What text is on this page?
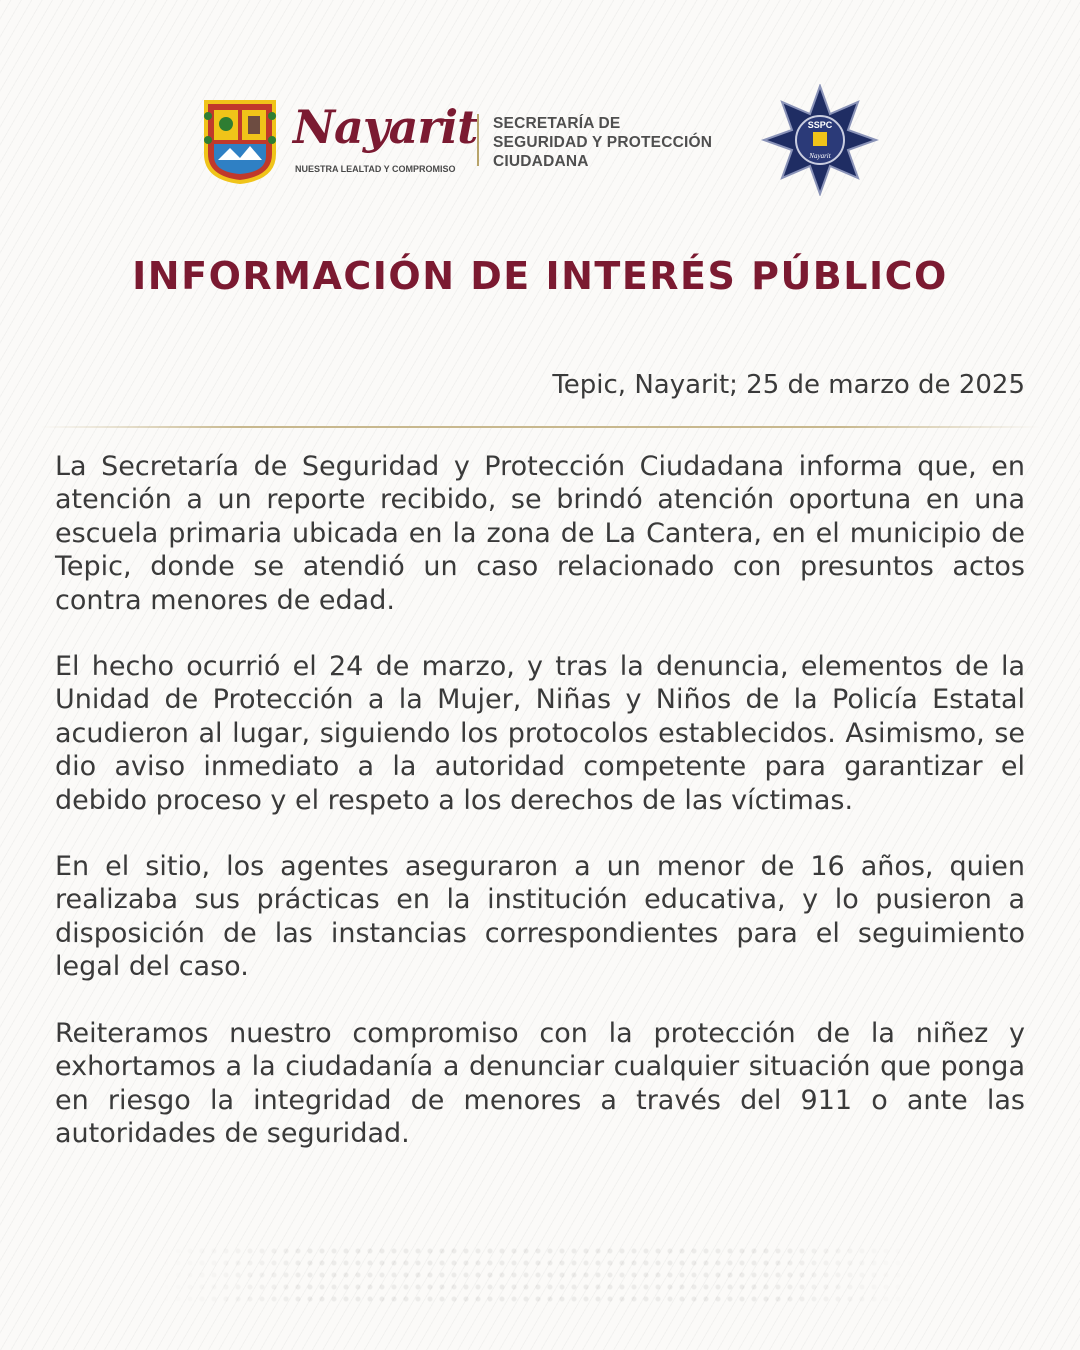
Nayarit
NUESTRA LEALTAD Y COMPROMISO
SECRETARÍA DE
SEGURIDAD Y PROTECCIÓN
CIUDADANA
SSPC
Nayarit
INFORMACIÓN DE INTERÉS PÚBLICO
Tepic, Nayarit; 25 de marzo de 2025

La Secretaría de Seguridad y Protección Ciudadana informa que, en atención a un reporte recibido, se brindó atención oportuna en una escuela primaria ubicada en la zona de La Cantera, en el municipio de Tepic, donde se atendió un caso relacionado con presuntos actos contra menores de edad.

El hecho ocurrió el 24 de marzo, y tras la denuncia, elementos de la Unidad de Protección a la Mujer, Niñas y Niños de la Policía Estatal acudieron al lugar, siguiendo los protocolos establecidos. Asimismo, se dio aviso inmediato a la autoridad competente para garantizar el debido proceso y el respeto a los derechos de las víctimas.

En el sitio, los agentes aseguraron a un menor de 16 años, quien realizaba sus prácticas en la institución educativa, y lo pusieron a disposición de las instancias correspondientes para el seguimiento legal del caso.

Reiteramos nuestro compromiso con la protección de la niñez y exhortamos a la ciudadanía a denunciar cualquier situación que ponga en riesgo la integridad de menores a través del 911 o ante las autoridades de seguridad.
